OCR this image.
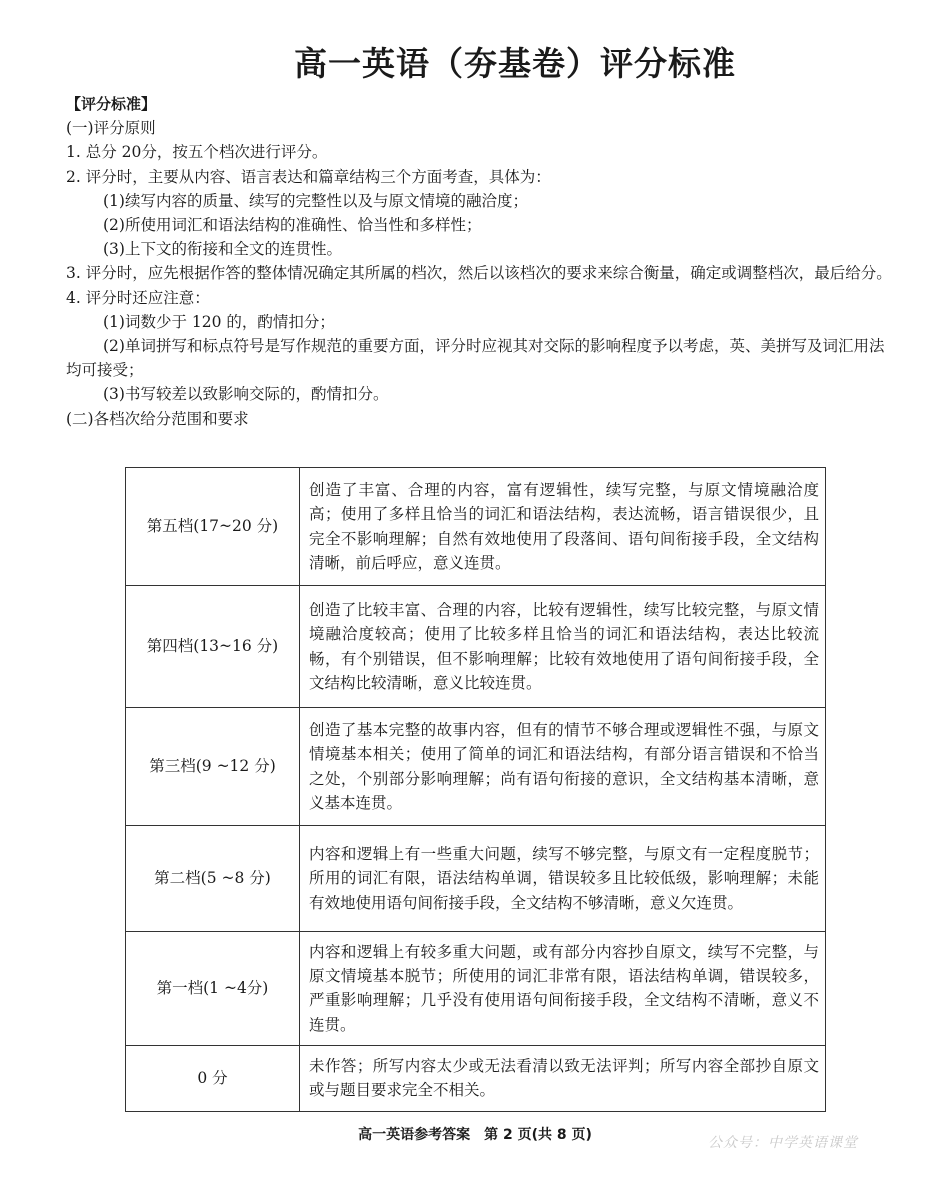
高一英语（夯基卷）评分标准

【评分标准】

(一)评分原则

1. 总分 20分，按五个档次进行评分。

2. 评分时，主要从内容、语言表达和篇章结构三个方面考查，具体为：

(1)续写内容的质量、续写的完整性以及与原文情境的融洽度；

(2)所使用词汇和语法结构的准确性、恰当性和多样性；

(3)上下文的衔接和全文的连贯性。

3. 评分时，应先根据作答的整体情况确定其所属的档次，然后以该档次的要求来综合衡量，确定或调整档次，最后给分。

4. 评分时还应注意：

(1)词数少于 120 的，酌情扣分；

(2)单词拼写和标点符号是写作规范的重要方面，评分时应视其对交际的影响程度予以考虑，英、美拼写及词汇用法均可接受；

(3)书写较差以致影响交际的，酌情扣分。

(二)各档次给分范围和要求

第五档(17~20 分)	创造了丰富、合理的内容，富有逻辑性，续写完整，与原文情境融洽度高；使用了多样且恰当的词汇和语法结构，表达流畅，语言错误很少，且完全不影响理解；自然有效地使用了段落间、语句间衔接手段，全文结构清晰，前后呼应，意义连贯。
第四档(13~16 分)	创造了比较丰富、合理的内容，比较有逻辑性，续写比较完整，与原文情境融洽度较高；使用了比较多样且恰当的词汇和语法结构，表达比较流畅，有个别错误，但不影响理解；比较有效地使用了语句间衔接手段，全文结构比较清晰，意义比较连贯。
第三档(9 ~12 分)	创造了基本完整的故事内容，但有的情节不够合理或逻辑性不强，与原文情境基本相关；使用了简单的词汇和语法结构，有部分语言错误和不恰当之处，个别部分影响理解；尚有语句衔接的意识，全文结构基本清晰，意义基本连贯。
第二档(5 ~8 分)	内容和逻辑上有一些重大问题，续写不够完整，与原文有一定程度脱节；所用的词汇有限，语法结构单调，错误较多且比较低级，影响理解；未能有效地使用语句间衔接手段，全文结构不够清晰，意义欠连贯。
第一档(1 ~4分)	内容和逻辑上有较多重大问题，或有部分内容抄自原文，续写不完整，与原文情境基本脱节；所使用的词汇非常有限，语法结构单调，错误较多，严重影响理解；几乎没有使用语句间衔接手段，全文结构不清晰，意义不连贯。
0 分	未作答；所写内容太少或无法看清以致无法评判；所写内容全部抄自原文或与题目要求完全不相关。

高一英语参考答案　第 2 页(共 8 页)	公众号：中学英语课堂
